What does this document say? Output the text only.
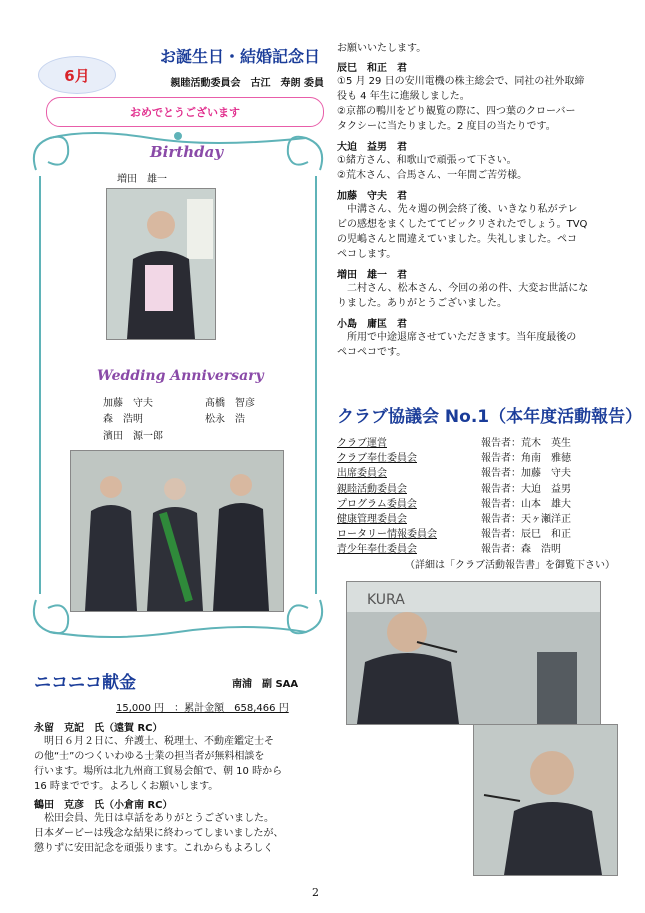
6月
お誕生日・結婚記念日
親睦活動委員会　古江　寿朗 委員
おめでとうございます
Birthday
増田　雄一
Wedding Anniversary
加藤　守夫	髙橋　智彦
森　浩明	松永　浩
濱田　源一郎
ニコニコ献金	南浦　副 SAA
15,000 円　：累計金額　658,466 円
永留　克記　氏（遠賀 RC）
明日６月２日に、弁護士、税理士、不動産鑑定士そ
の他“士”のつくいわゆる士業の担当者が無料相談を
行います。場所は北九州商工貿易会館で、朝 10 時から
16 時までです。よろしくお願いします。
鶴田　克彦　氏（小倉南 RC）
松田会員、先日は卓話をありがとうございました。
日本ダービーは残念な結果に終わってしまいましたが、
懲りずに安田記念を頑張ります。これからもよろしく
お願いいたします。
辰巳　和正　君
①5 月 29 日の安川電機の株主総会で、同社の社外取締
役も 4 年生に進級しました。
②京都の鴨川をどり観覧の際に、四つ葉のクローバー
タクシーに当たりました。2 度目の当たりです。
大迫　益男　君
①緒方さん、和歌山で頑張って下さい。
②荒木さん、合馬さん、一年間ご苦労様。
加藤　守夫　君
中溝さん、先々週の例会終了後、いきなり私がテレ
ビの感想をまくしたててビックリされたでしょう。TVQ
の児嶋さんと間違えていました。失礼しました。ペコ
ペコします。
増田　雄一　君
二村さん、松本さん、今回の弟の件、大変お世話にな
りました。ありがとうございました。
小島　庸匡　君
所用で中途退席させていただきます。当年度最後の
ペコペコです。
クラブ協議会 No.1（本年度活動報告）
クラブ運営	報告者：荒木　英生
クラブ奉仕委員会	報告者：角南　雅徳
出席委員会	報告者：加藤　守夫
親睦活動委員会	報告者：大迫　益男
プログラム委員会	報告者：山本　雄大
健康管理委員会	報告者：天ヶ瀬洋正
ロータリー情報委員会	報告者：辰巳　和正
青少年奉仕委員会	報告者：森　浩明
（詳細は「クラブ活動報告書」を御覧下さい）
KURA
2
